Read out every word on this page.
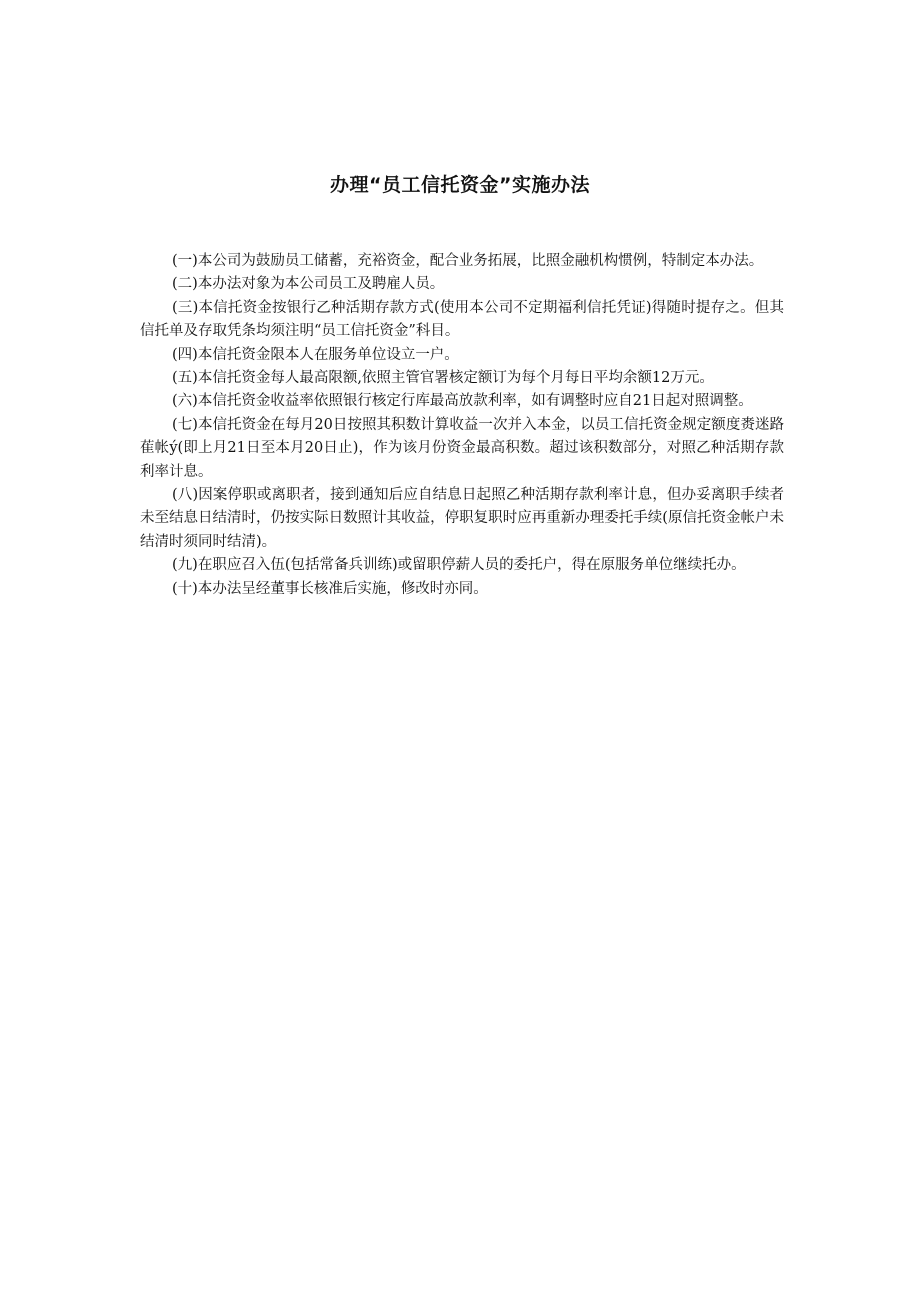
办理“员工信托资金”实施办法

(一)本公司为鼓励员工储蓄，充裕资金，配合业务拓展，比照金融机构惯例，特制定本办法。

(二)本办法对象为本公司员工及聘雇人员。

(三)本信托资金按银行乙种活期存款方式(使用本公司不定期福利信托凭证)得随时提存之。但其信托单及存取凭条均须注明“员工信托资金”科目。

(四)本信托资金限本人在服务单位设立一户。

(五)本信托资金每人最高限额,依照主管官署核定额订为每个月每日平均余额12万元。

(六)本信托资金收益率依照银行核定行库最高放款利率，如有调整时应自21日起对照调整。

(七)本信托资金在每月20日按照其积数计算收益一次并入本金，以员工信托资金规定额度赉迷路萑帐ý(即上月21日至本月20日止)，作为该月份资金最高积数。超过该积数部分，对照乙种活期存款利率计息。

(八)因案停职或离职者，接到通知后应自结息日起照乙种活期存款利率计息，但办妥离职手续者未至结息日结清时，仍按实际日数照计其收益，停职复职时应再重新办理委托手续(原信托资金帐户未结清时须同时结清)。

(九)在职应召入伍(包括常备兵训练)或留职停薪人员的委托户，得在原服务单位继续托办。

(十)本办法呈经董事长核准后实施，修改时亦同。
